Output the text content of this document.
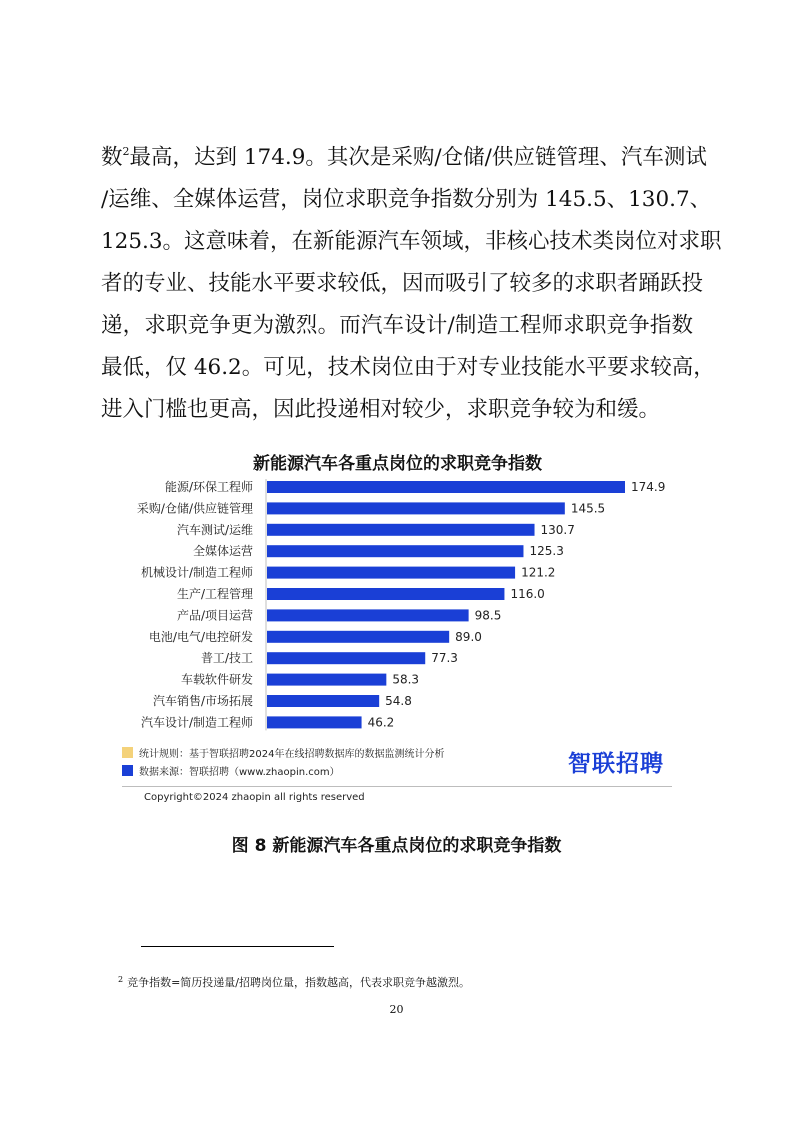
数$^2$最高，达到 174.9。其次是采购/仓储/供应链管理、汽车测试
/运维、全媒体运营，岗位求职竞争指数分别为 145.5、130.7、
125.3。这意味着，在新能源汽车领域，非核心技术类岗位对求职
者的专业、技能水平要求较低，因而吸引了较多的求职者踊跃投
递，求职竞争更为激烈。而汽车设计/制造工程师求职竞争指数
最低，仅 46.2。可见，技术岗位由于对专业技能水平要求较高，
进入门槛也更高，因此投递相对较少，求职竞争较为和缓。
能源/环保工程师	174.9
采购/仓储/供应链管理	145.5
汽车测试/运维	130.7
全媒体运营	125.3
机械设计/制造工程师	121.2
生产/工程管理	116.0
产品/项目运营	98.5
电池/电气/电控研发	89.0
普工/技工	77.3
车载软件研发	58.3
汽车销售/市场拓展	54.8
汽车设计/制造工程师	46.2
新能源汽车各重点岗位的求职竞争指数
统计规则：基于智联招聘2024年在线招聘数据库的数据监测统计分析
数据来源：智联招聘（www.zhaopin.com）	智联招聘
Copyright©2024 zhaopin all rights reserved
图 8 新能源汽车各重点岗位的求职竞争指数
$^2$ 竞争指数=简历投递量/招聘岗位量，指数越高，代表求职竞争越激烈。
20
